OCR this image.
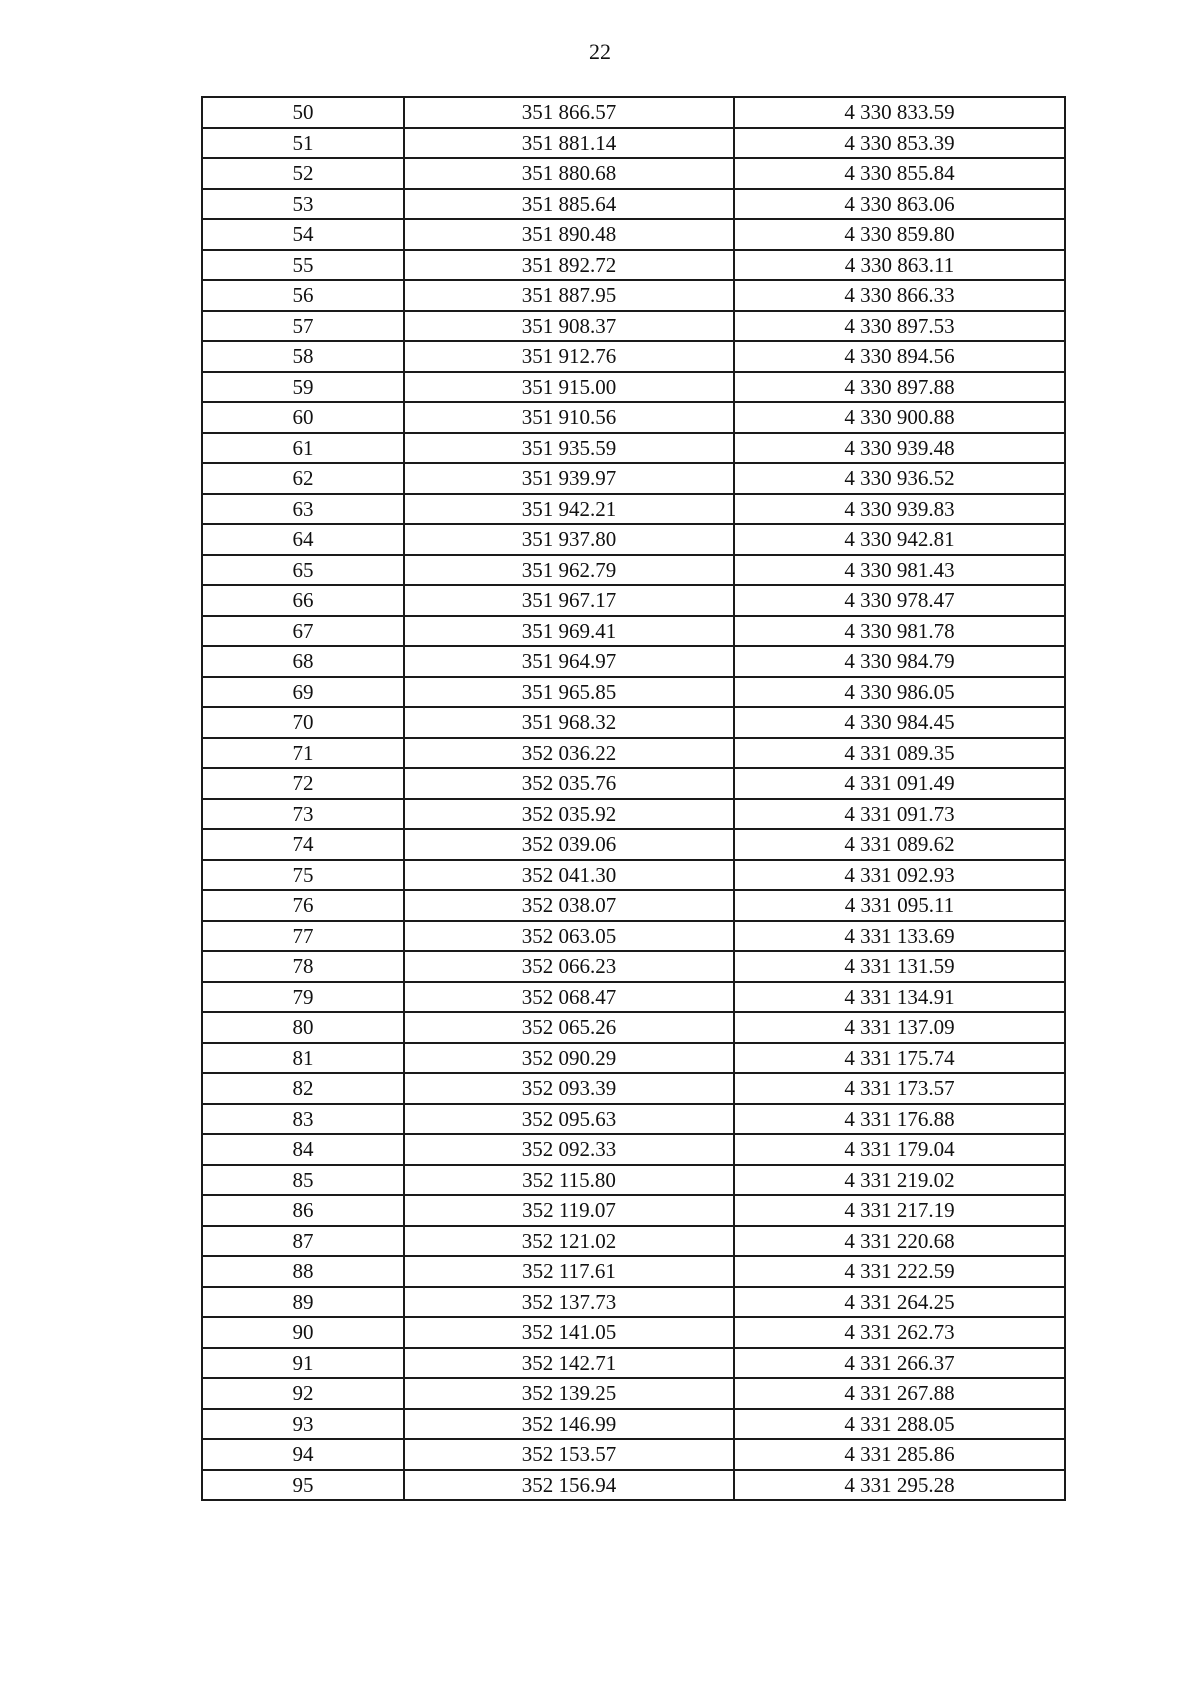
22
50	351 866.57	4 330 833.59
51	351 881.14	4 330 853.39
52	351 880.68	4 330 855.84
53	351 885.64	4 330 863.06
54	351 890.48	4 330 859.80
55	351 892.72	4 330 863.11
56	351 887.95	4 330 866.33
57	351 908.37	4 330 897.53
58	351 912.76	4 330 894.56
59	351 915.00	4 330 897.88
60	351 910.56	4 330 900.88
61	351 935.59	4 330 939.48
62	351 939.97	4 330 936.52
63	351 942.21	4 330 939.83
64	351 937.80	4 330 942.81
65	351 962.79	4 330 981.43
66	351 967.17	4 330 978.47
67	351 969.41	4 330 981.78
68	351 964.97	4 330 984.79
69	351 965.85	4 330 986.05
70	351 968.32	4 330 984.45
71	352 036.22	4 331 089.35
72	352 035.76	4 331 091.49
73	352 035.92	4 331 091.73
74	352 039.06	4 331 089.62
75	352 041.30	4 331 092.93
76	352 038.07	4 331 095.11
77	352 063.05	4 331 133.69
78	352 066.23	4 331 131.59
79	352 068.47	4 331 134.91
80	352 065.26	4 331 137.09
81	352 090.29	4 331 175.74
82	352 093.39	4 331 173.57
83	352 095.63	4 331 176.88
84	352 092.33	4 331 179.04
85	352 115.80	4 331 219.02
86	352 119.07	4 331 217.19
87	352 121.02	4 331 220.68
88	352 117.61	4 331 222.59
89	352 137.73	4 331 264.25
90	352 141.05	4 331 262.73
91	352 142.71	4 331 266.37
92	352 139.25	4 331 267.88
93	352 146.99	4 331 288.05
94	352 153.57	4 331 285.86
95	352 156.94	4 331 295.28
